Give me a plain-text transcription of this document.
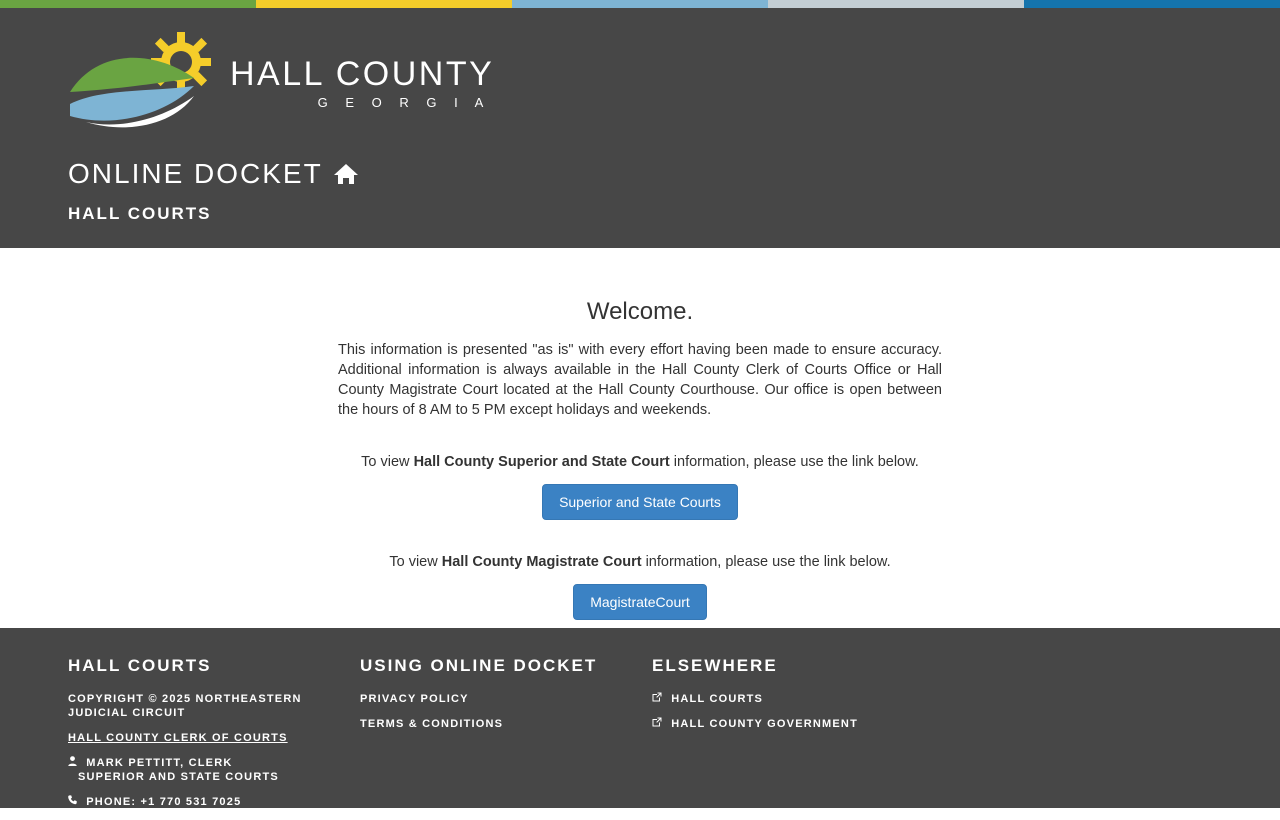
HALL COUNTY
G E O R G I A
ONLINE DOCKET
HALL COURTS
Welcome.

This information is presented "as is" with every effort having been made to ensure accuracy. Additional information is always available in the Hall County Clerk of Courts Office or Hall County Magistrate Court located at the Hall County Courthouse. Our office is open between the hours of 8 AM to 5 PM except holidays and weekends.

To view Hall County Superior and State Court information, please use the link below.

Superior and State Courts

To view Hall County Magistrate Court information, please use the link below.

MagistrateCourt
HALL COURTS
COPYRIGHT © 2025 NORTHEASTERN JUDICIAL CIRCUIT
HALL COUNTY CLERK OF COURTS
MARK PETTITT, CLERK
SUPERIOR AND STATE COURTS
PHONE: +1 770 531 7025
USING ONLINE DOCKET
PRIVACY POLICY
TERMS & CONDITIONS
ELSEWHERE
HALL COURTS
HALL COUNTY GOVERNMENT
